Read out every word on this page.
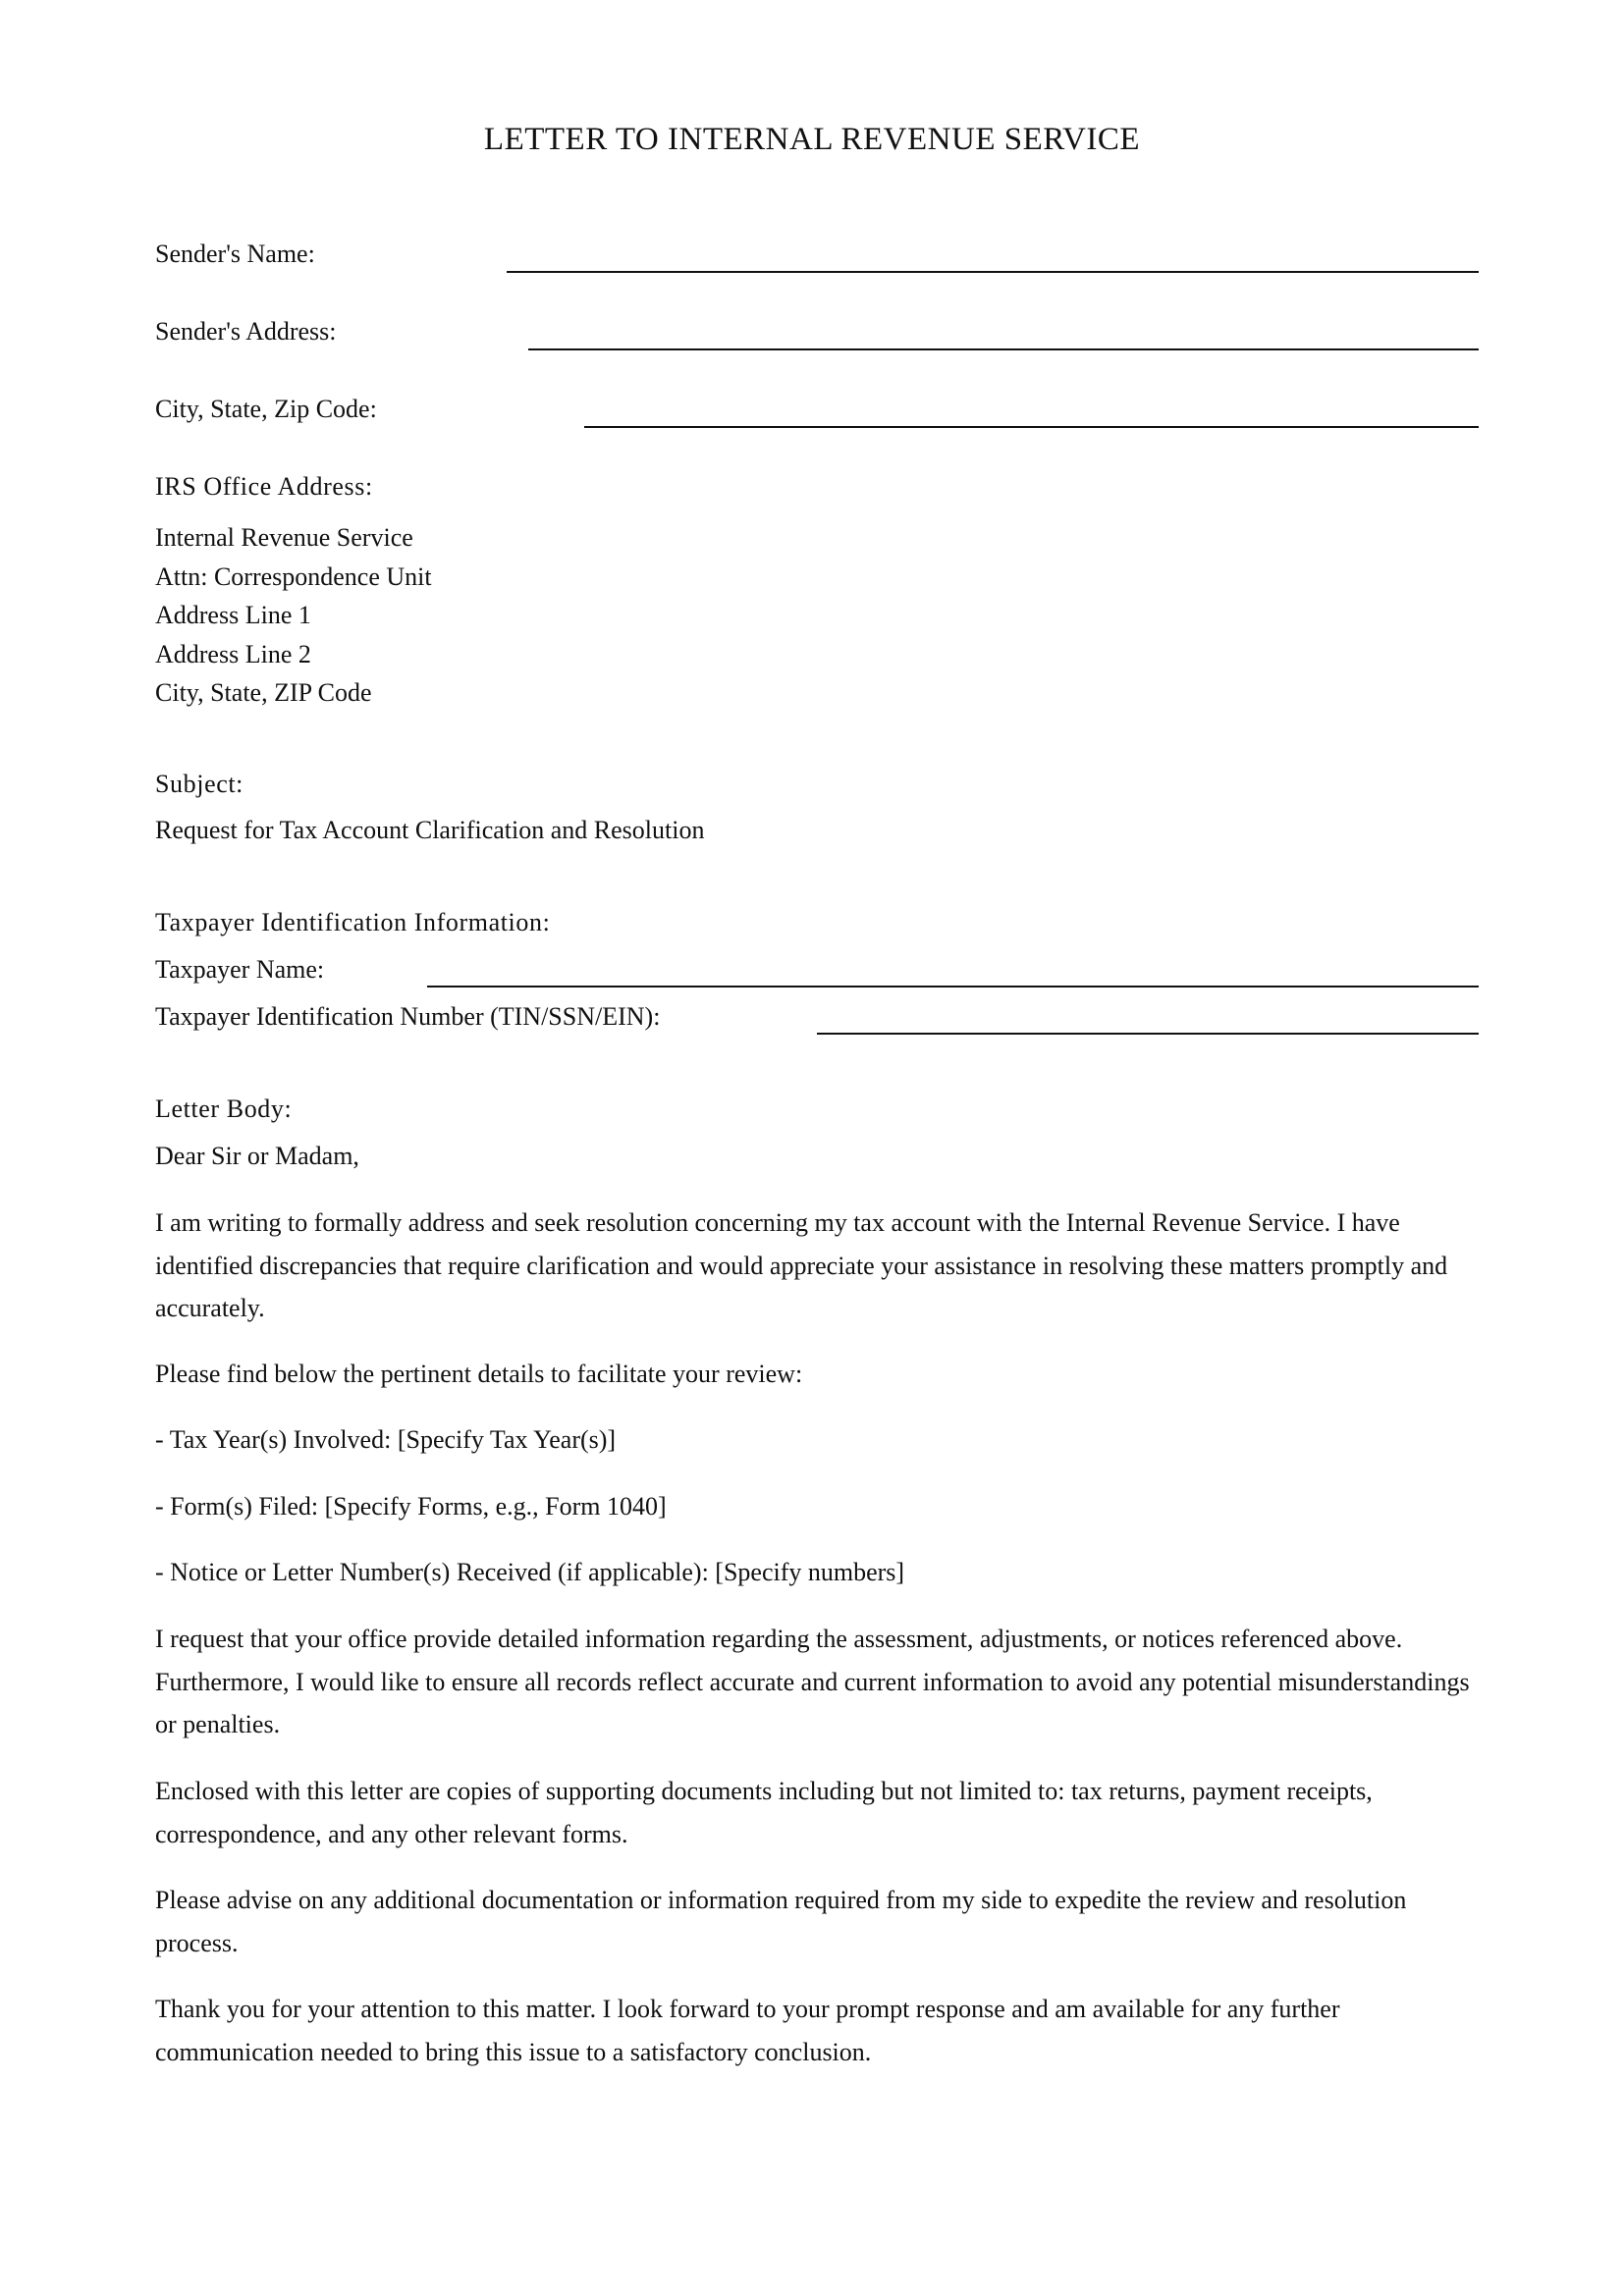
LETTER TO INTERNAL REVENUE SERVICE
Sender's Name:
Sender's Address:
City, State, Zip Code:
IRS Office Address:
Internal Revenue Service
Attn: Correspondence Unit
Address Line 1
Address Line 2
City, State, ZIP Code
Subject:
Request for Tax Account Clarification and Resolution
Taxpayer Identification Information:
Taxpayer Name:
Taxpayer Identification Number (TIN/SSN/EIN):
Letter Body:
Dear Sir or Madam,
I am writing to formally address and seek resolution concerning my tax account with the Internal Revenue Service. I have identified discrepancies that require clarification and would appreciate your assistance in resolving these matters promptly and accurately.
Please find below the pertinent details to facilitate your review:
- Tax Year(s) Involved: [Specify Tax Year(s)]
- Form(s) Filed: [Specify Forms, e.g., Form 1040]
- Notice or Letter Number(s) Received (if applicable): [Specify numbers]
I request that your office provide detailed information regarding the assessment, adjustments, or notices referenced above. Furthermore, I would like to ensure all records reflect accurate and current information to avoid any potential misunderstandings or penalties.
Enclosed with this letter are copies of supporting documents including but not limited to: tax returns, payment receipts, correspondence, and any other relevant forms.
Please advise on any additional documentation or information required from my side to expedite the review and resolution process.
Thank you for your attention to this matter. I look forward to your prompt response and am available for any further communication needed to bring this issue to a satisfactory conclusion.
